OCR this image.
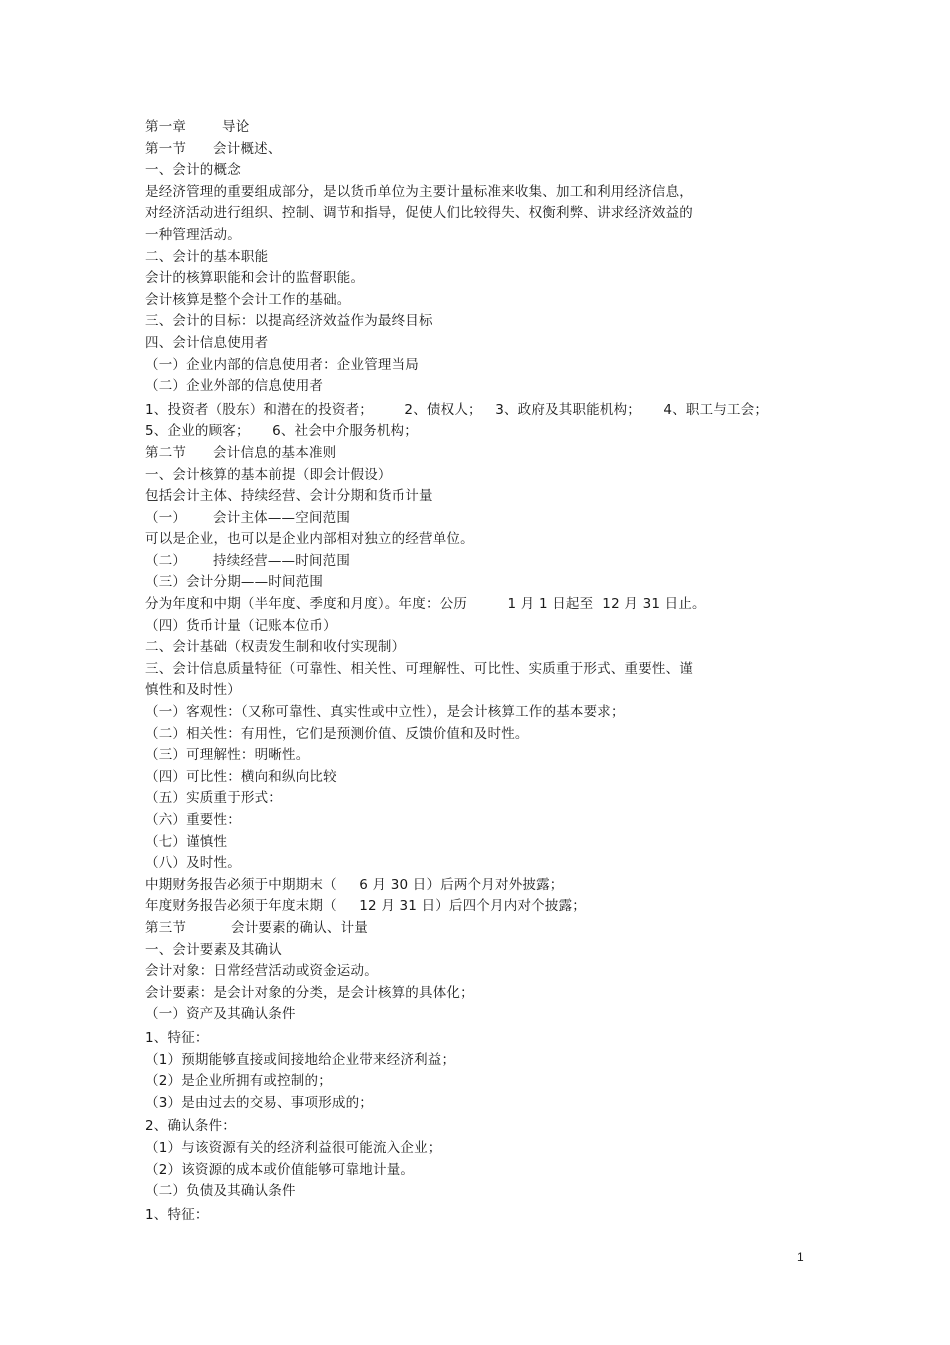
第一章        导论
第一节      会计概述、
一、会计的概念
是经济管理的重要组成部分，是以货币单位为主要计量标准来收集、加工和利用经济信息，
对经济活动进行组织、控制、调节和指导，促使人们比较得失、权衡利弊、讲求经济效益的
一种管理活动。
二、会计的基本职能
会计的核算职能和会计的监督职能。
会计核算是整个会计工作的基础。
三、会计的目标：以提高经济效益作为最终目标
四、会计信息使用者
（一）企业内部的信息使用者：企业管理当局
（二）企业外部的信息使用者
1、投资者（股东）和潜在的投资者；       2、债权人；   3、政府及其职能机构；     4、职工与工会；
5、企业的顾客；     6、社会中介服务机构；
第二节      会计信息的基本准则
一、会计核算的基本前提（即会计假设）
包括会计主体、持续经营、会计分期和货币计量
（一）      会计主体——空间范围
可以是企业，也可以是企业内部相对独立的经营单位。
（二）      持续经营——时间范围
（三）会计分期——时间范围
分为年度和中期（半年度、季度和月度）。年度：公历         1 月 1 日起至  12 月 31 日止。
（四）货币计量（记账本位币）
二、会计基础（权责发生制和收付实现制）
三、会计信息质量特征（可靠性、相关性、可理解性、可比性、实质重于形式、重要性、谨
慎性和及时性）
（一）客观性：（又称可靠性、真实性或中立性），是会计核算工作的基本要求；
（二）相关性：有用性，它们是预测价值、反馈价值和及时性。
（三）可理解性：明晰性。
（四）可比性：横向和纵向比较
（五）实质重于形式：
（六）重要性：
（七）谨慎性
（八）及时性。
中期财务报告必须于中期期末（     6 月 30 日）后两个月对外披露；
年度财务报告必须于年度末期（     12 月 31 日）后四个月内对个披露；
第三节          会计要素的确认、计量
一、会计要素及其确认
会计对象：日常经营活动或资金运动。
会计要素：是会计对象的分类，是会计核算的具体化；
（一）资产及其确认条件
1、特征：
（1）预期能够直接或间接地给企业带来经济利益；
（2）是企业所拥有或控制的；
（3）是由过去的交易、事项形成的；
2、确认条件：
（1）与该资源有关的经济利益很可能流入企业；
（2）该资源的成本或价值能够可靠地计量。
（二）负债及其确认条件
1、特征：
1
